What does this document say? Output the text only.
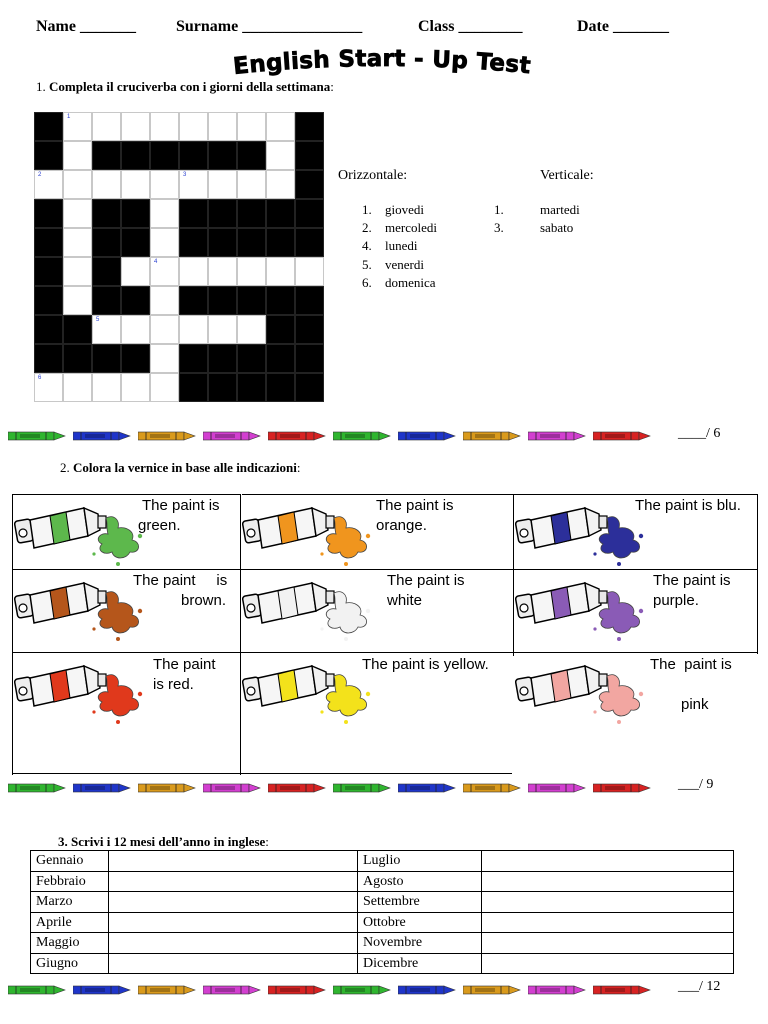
Name _______	Surname _______________	Class ________	Date _______
English Start - Up Test
1. Completa il cruciverba con i giorni della settimana:
1
2	3
4
5
6
Orizzontale:
1. giovedi
2. mercoledi
4. lunedi
5. venerdi
6. domenica
Verticale:
1.	martedi
3.	sabato
____/ 6
2. Colora la vernice in base alle indicazioni:
The paint is
green.
The paint is
orange.
The paint is blu.
The paint     is
brown.
The paint is
white
The paint is
purple.
The paint
is red.
The paint is yellow.	The  paint is
pink
___/ 9
3. Scrivi i 12 mesi dell’anno in inglese:
Gennaio		Luglio	
Febbraio		Agosto	
Marzo		Settembre	
Aprile		Ottobre	
Maggio		Novembre	
Giugno		Dicembre	
___/ 12
